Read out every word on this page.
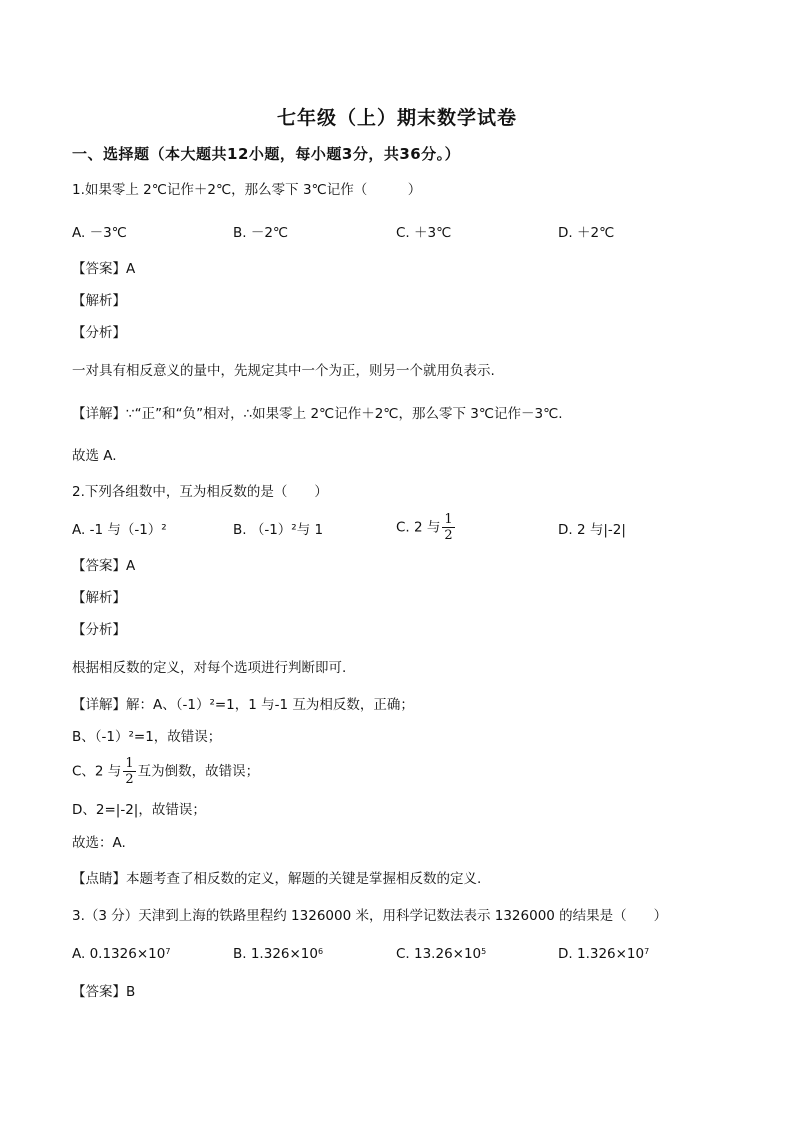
七年级（上）期末数学试卷
一、选择题（本大题共12小题，每小题3分，共36分。）
1.如果零上 2℃记作＋2℃，那么零下 3℃记作（　　　）
A. －3℃	B. －2℃	C. ＋3℃	D. ＋2℃
【答案】A
【解析】
【分析】
一对具有相反意义的量中，先规定其中一个为正，则另一个就用负表示.
【详解】∵“正”和“负”相对，∴如果零上 2℃记作＋2℃，那么零下 3℃记作－3℃.
故选 A.
2.下列各组数中，互为相反数的是（　　）
A. ‐1 与（‐1）²	B. （‐1）²与 1	C. 2 与 $\frac{1}{2}$	D. 2 与|‐2|
【答案】A
【解析】
【分析】
根据相反数的定义，对每个选项进行判断即可.
【详解】解：A、（‐1）²=1，1 与‐1 互为相反数，正确；
B、（‐1）²=1，故错误；
C、2 与 $\frac{1}{2}$ 互为倒数，故错误；
D、2=|‐2|，故错误；
故选：A.
【点睛】本题考查了相反数的定义，解题的关键是掌握相反数的定义.
3.（3 分）天津到上海的铁路里程约 1326000 米，用科学记数法表示 1326000 的结果是（　　）
A. $0.1326\times 10^7$	B. $1.326\times 10^6$	C. $13.26\times 10^5$	D. $1.326\times 10^7$
【答案】B
